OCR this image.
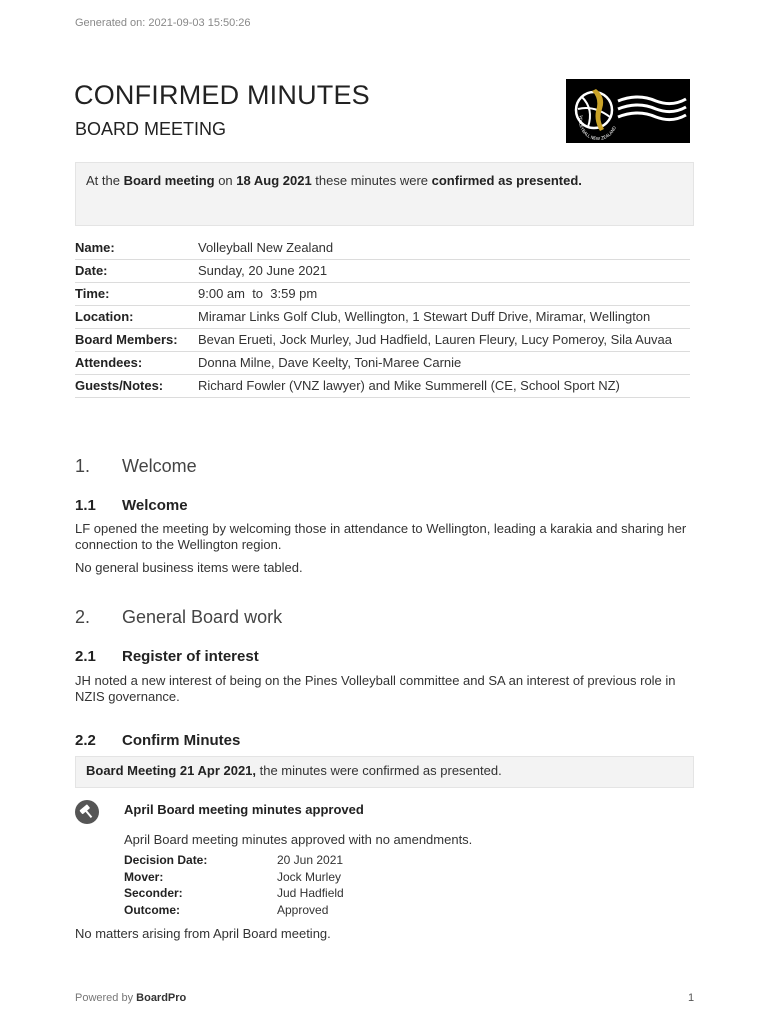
Generated on: 2021-09-03 15:50:26
CONFIRMED MINUTES
BOARD MEETING
VOLLEYBALL NEW ZEALAND
At the Board meeting on 18 Aug 2021 these minutes were confirmed as presented.
Name:	Volleyball New Zealand
Date:	Sunday, 20 June 2021
Time:	9:00 am  to  3:59 pm
Location:	Miramar Links Golf Club, Wellington, 1 Stewart Duff Drive, Miramar, Wellington
Board Members:	Bevan Erueti, Jock Murley, Jud Hadfield, Lauren Fleury, Lucy Pomeroy, Sila Auvaa
Attendees:	Donna Milne, Dave Keelty, Toni-Maree Carnie
Guests/Notes:	Richard Fowler (VNZ lawyer) and Mike Summerell (CE, School Sport NZ)
1. Welcome
1.1 Welcome
LF opened the meeting by welcoming those in attendance to Wellington, leading a karakia and sharing her connection to the Wellington region.
No general business items were tabled.
2. General Board work
2.1 Register of interest
JH noted a new interest of being on the Pines Volleyball committee and SA an interest of previous role in NZIS governance.
2.2 Confirm Minutes
Board Meeting 21 Apr 2021, the minutes were confirmed as presented.
April Board meeting minutes approved
April Board meeting minutes approved with no amendments.
Decision Date:	20 Jun 2021
Mover:	Jock Murley
Seconder:	Jud Hadfield
Outcome:	Approved
No matters arising from April Board meeting.
Powered by BoardPro	1
